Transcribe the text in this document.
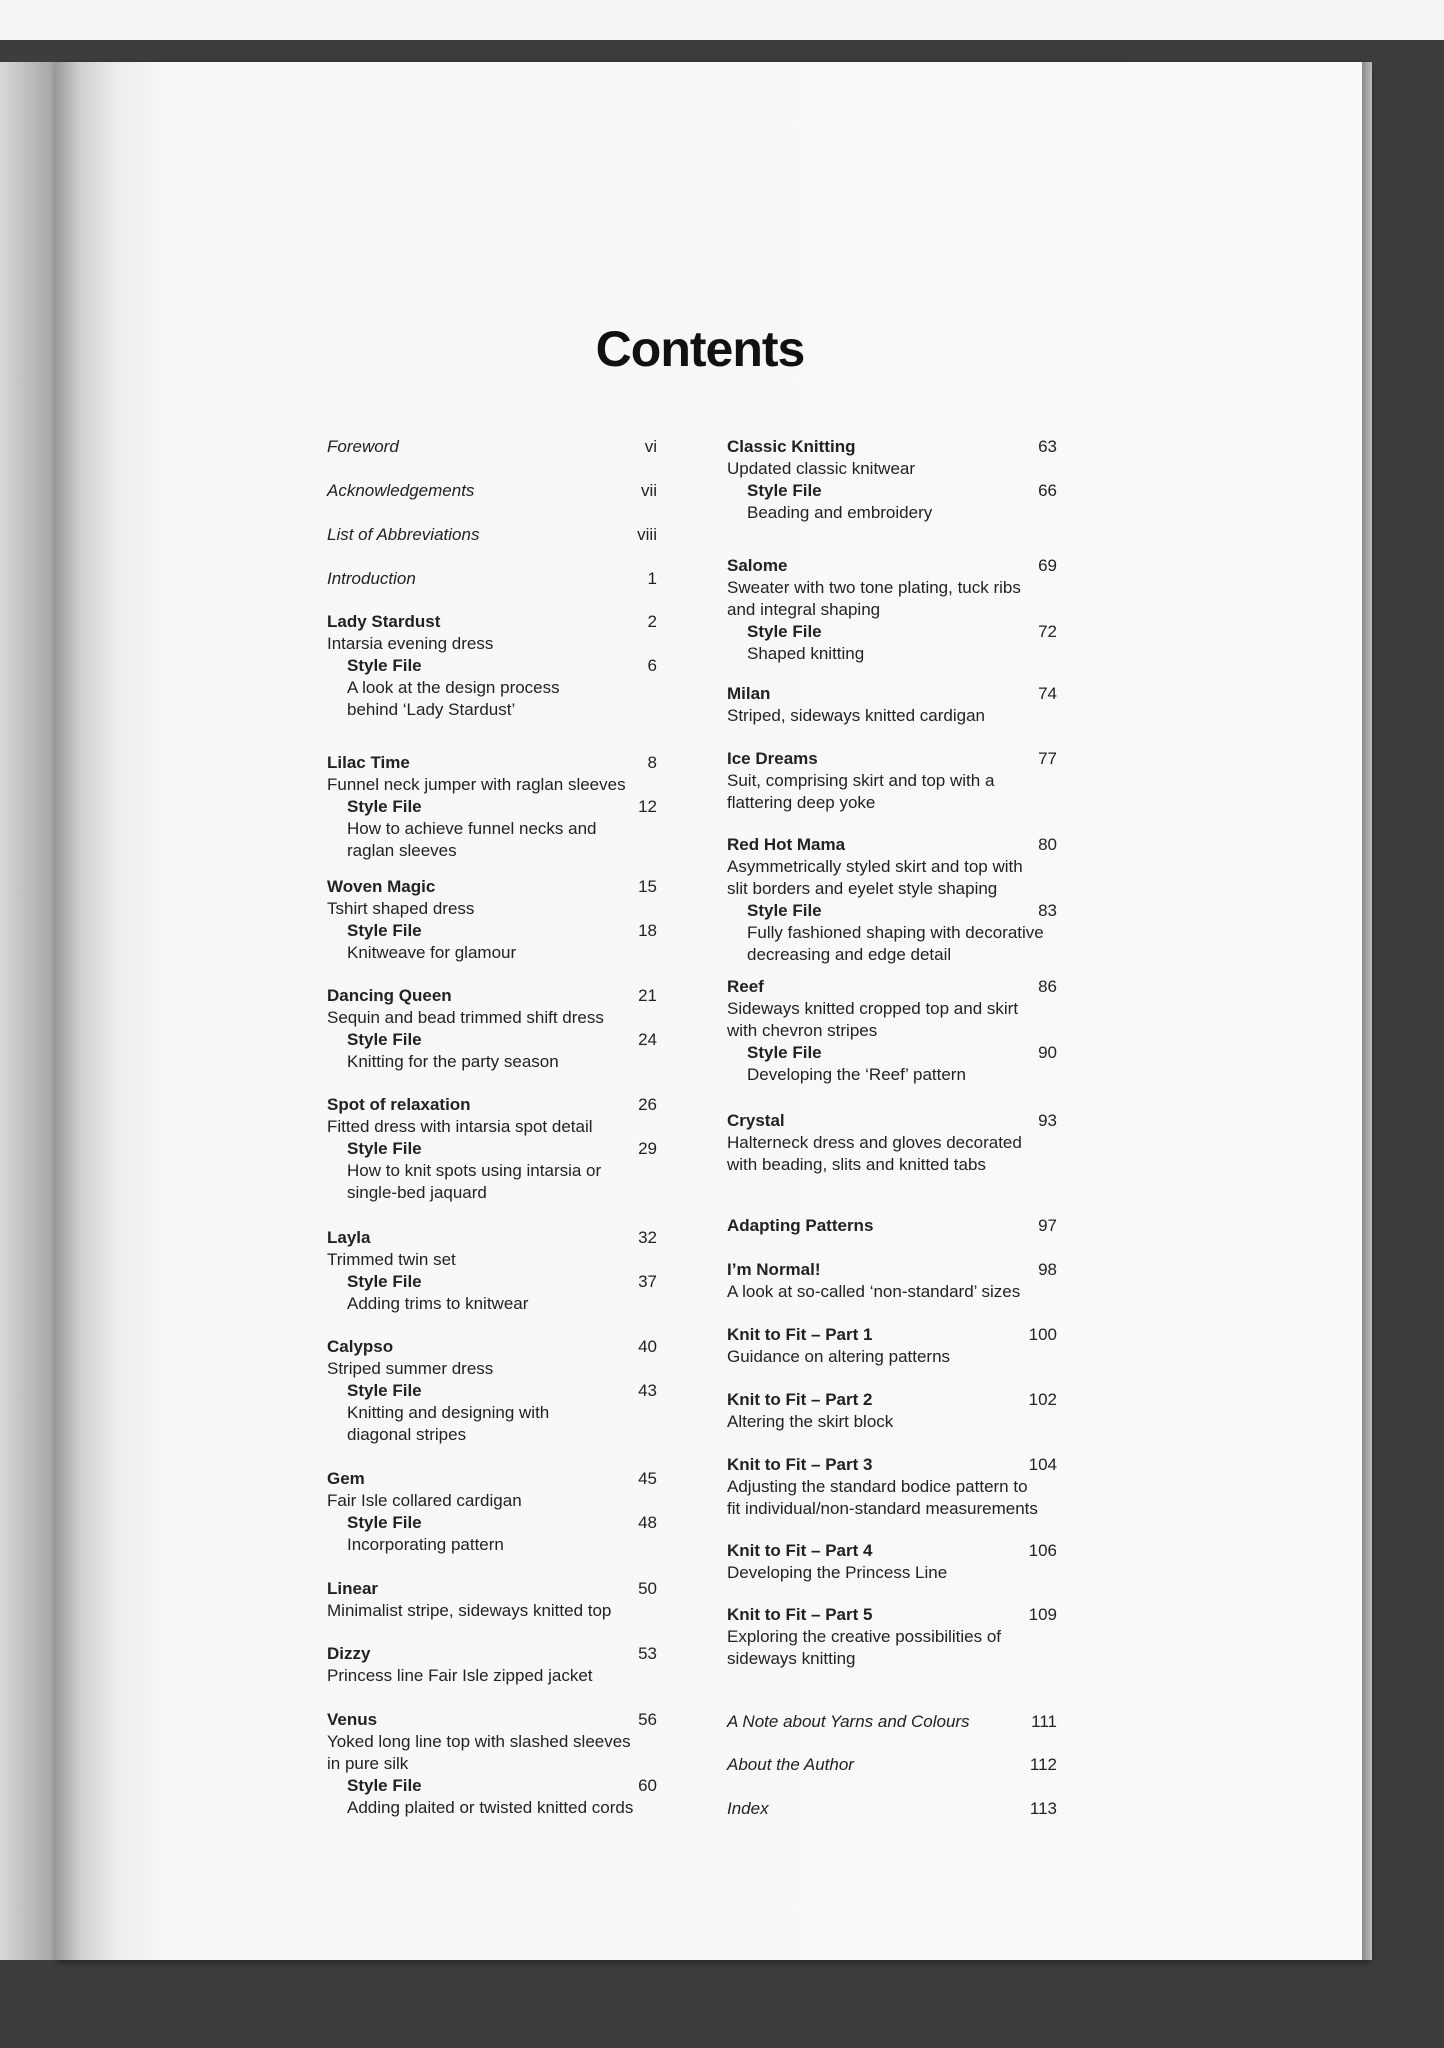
Contents
Foreword	vi
Acknowledgements	vii
List of Abbreviations	viii
Introduction	1
Lady Stardust	2
Intarsia evening dress
Style File	6
A look at the design process
behind ‘Lady Stardust’
Lilac Time	8
Funnel neck jumper with raglan sleeves
Style File	12
How to achieve funnel necks and
raglan sleeves
Woven Magic	15
Tshirt shaped dress
Style File	18
Knitweave for glamour
Dancing Queen	21
Sequin and bead trimmed shift dress
Style File	24
Knitting for the party season
Spot of relaxation	26
Fitted dress with intarsia spot detail
Style File	29
How to knit spots using intarsia or
single-bed jaquard
Layla	32
Trimmed twin set
Style File	37
Adding trims to knitwear
Calypso	40
Striped summer dress
Style File	43
Knitting and designing with
diagonal stripes
Gem	45
Fair Isle collared cardigan
Style File	48
Incorporating pattern
Linear	50
Minimalist stripe, sideways knitted top
Dizzy	53
Princess line Fair Isle zipped jacket
Venus	56
Yoked long line top with slashed sleeves
in pure silk
Style File	60
Adding plaited or twisted knitted cords
Classic Knitting	63
Updated classic knitwear
Style File	66
Beading and embroidery
Salome	69
Sweater with two tone plating, tuck ribs
and integral shaping
Style File	72
Shaped knitting
Milan	74
Striped, sideways knitted cardigan
Ice Dreams	77
Suit, comprising skirt and top with a
flattering deep yoke
Red Hot Mama	80
Asymmetrically styled skirt and top with
slit borders and eyelet style shaping
Style File	83
Fully fashioned shaping with decorative
decreasing and edge detail
Reef	86
Sideways knitted cropped top and skirt
with chevron stripes
Style File	90
Developing the ‘Reef’ pattern
Crystal	93
Halterneck dress and gloves decorated
with beading, slits and knitted tabs
Adapting Patterns	97
I’m Normal!	98
A look at so-called ‘non-standard’ sizes
Knit to Fit – Part 1	100
Guidance on altering patterns
Knit to Fit – Part 2	102
Altering the skirt block
Knit to Fit – Part 3	104
Adjusting the standard bodice pattern to
fit individual/non-standard measurements
Knit to Fit – Part 4	106
Developing the Princess Line
Knit to Fit – Part 5	109
Exploring the creative possibilities of
sideways knitting
A Note about Yarns and Colours	111
About the Author	112
Index	113
